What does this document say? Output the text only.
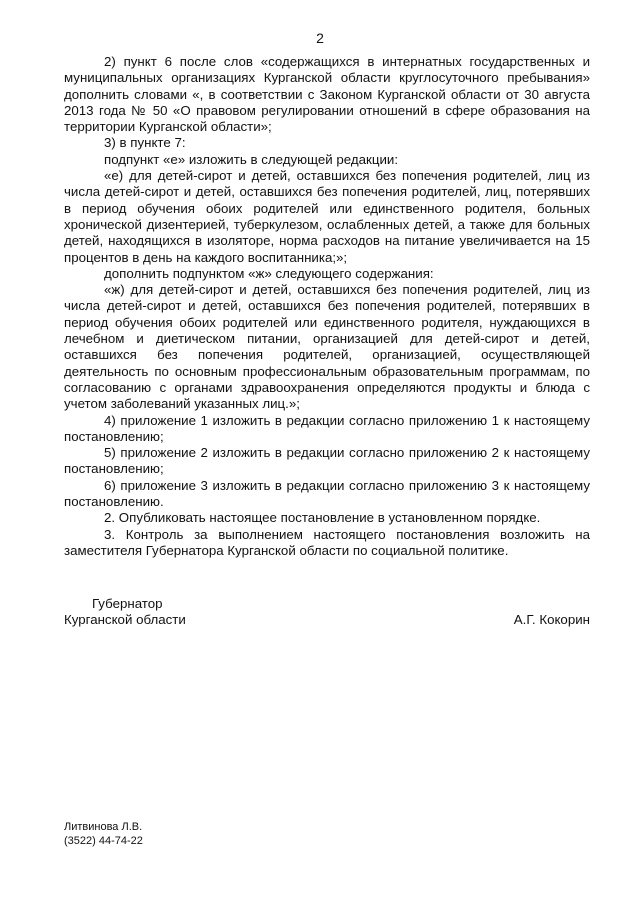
2

2) пункт 6 после слов «содержащихся в интернатных государственных и муниципальных организациях Курганской области круглосуточного пребывания» дополнить словами «, в соответствии с Законом Курганской области от 30 августа 2013 года № 50 «О правовом регулировании отношений в сфере образования на территории Курганской области»;

3) в пункте 7:

подпункт «е» изложить в следующей редакции:

«е) для детей-сирот и детей, оставшихся без попечения родителей, лиц из числа детей-сирот и детей, оставшихся без попечения родителей, лиц, потерявших в период обучения обоих родителей или единственного родителя, больных хронической дизентерией, туберкулезом, ослабленных детей, а также для больных детей, находящихся в изоляторе, норма расходов на питание увеличивается на 15 процентов в день на каждого воспитанника;»;

дополнить подпунктом «ж» следующего содержания:

«ж) для детей-сирот и детей, оставшихся без попечения родителей, лиц из числа детей-сирот и детей, оставшихся без попечения родителей, потерявших в период обучения обоих родителей или единственного родителя, нуждающихся в лечебном и диетическом питании, организацией для детей-сирот и детей, оставшихся без попечения родителей, организацией, осуществляющей деятельность по основным профессиональным образовательным программам, по согласованию с органами здравоохранения определяются продукты и блюда с учетом заболеваний указанных лиц.»;

4) приложение 1 изложить в редакции согласно приложению 1 к настоящему постановлению;

5) приложение 2 изложить в редакции согласно приложению 2 к настоящему постановлению;

6) приложение 3 изложить в редакции согласно приложению 3 к настоящему постановлению.

2. Опубликовать настоящее постановление в установленном порядке.

3. Контроль за выполнением настоящего постановления возложить на заместителя Губернатора Курганской области по социальной политике.

Губернатор
Курганской области	А.Г. Кокорин
Литвинова Л.В.
(3522) 44-74-22
